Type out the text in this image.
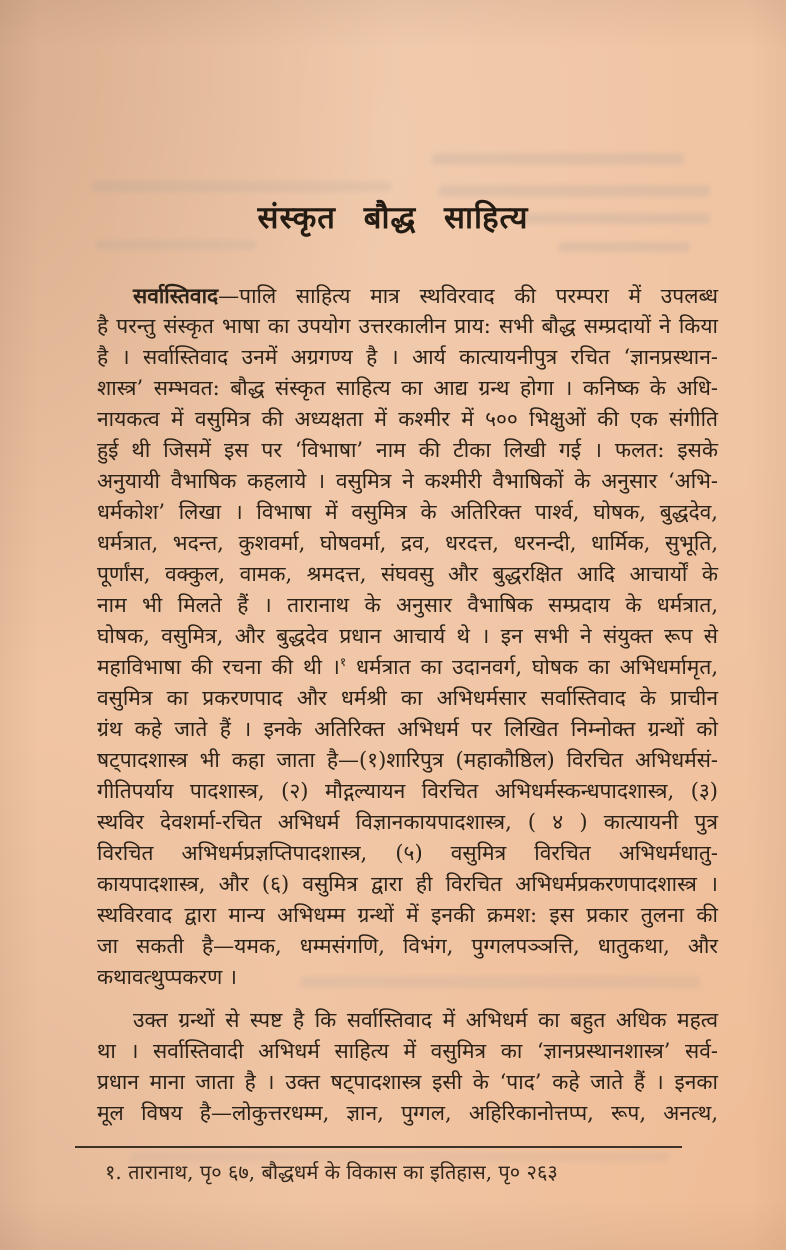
संस्कृत बौद्ध साहित्य
सर्वास्तिवाद—पालि साहित्य मात्र स्थविरवाद की परम्परा में उपलब्ध
है परन्तु संस्कृत भाषा का उपयोग उत्तरकालीन प्राय: सभी बौद्ध सम्प्रदायों ने किया
है । सर्वास्तिवाद उनमें अग्रगण्य है । आर्य कात्यायनीपुत्र रचित ‘ज्ञानप्रस्थान-
शास्त्र’ सम्भवत: बौद्ध संस्कृत साहित्य का आद्य ग्रन्थ होगा । कनिष्क के अधि-
नायकत्व में वसुमित्र की अध्यक्षता में कश्मीर में ५०० भिक्षुओं की एक संगीति
हुई थी जिसमें इस पर ‘विभाषा’ नाम की टीका लिखी गई । फलत: इसके
अनुयायी वैभाषिक कहलाये । वसुमित्र ने कश्मीरी वैभाषिकों के अनुसार ‘अभि-
धर्मकोश’ लिखा । विभाषा में वसुमित्र के अतिरिक्त पार्श्व, घोषक, बुद्धदेव,
धर्मत्रात, भदन्त, कुशवर्मा, घोषवर्मा, द्रव, धरदत्त, धरनन्दी, धार्मिक, सुभूति,
पूर्णांस, वक्कुल, वामक, श्रमदत्त, संघवसु और बुद्धरक्षित आदि आचार्यों के
नाम भी मिलते हैं । तारानाथ के अनुसार वैभाषिक सम्प्रदाय के धर्मत्रात,
घोषक, वसुमित्र, और बुद्धदेव प्रधान आचार्य थे । इन सभी ने संयुक्त रूप से
महाविभाषा की रचना की थी ।$^१$ धर्मत्रात का उदानवर्ग, घोषक का अभिधर्मामृत,
वसुमित्र का प्रकरणपाद और धर्मश्री का अभिधर्मसार सर्वास्तिवाद के प्राचीन
ग्रंथ कहे जाते हैं । इनके अतिरिक्त अभिधर्म पर लिखित निम्नोक्त ग्रन्थों को
षट्पादशास्त्र भी कहा जाता है—(१)शारिपुत्र (महाकौष्ठिल) विरचित अभिधर्मसं-
गीतिपर्याय पादशास्त्र, (२) मौद्गल्यायन विरचित अभिधर्मस्कन्धपादशास्त्र, (३)
स्थविर देवशर्मा-रचित अभिधर्म विज्ञानकायपादशास्त्र, ( ४ ) कात्यायनी पुत्र
विरचित अभिधर्मप्रज्ञप्तिपादशास्त्र, (५) वसुमित्र विरचित अभिधर्मधातु-
कायपादशास्त्र, और (६) वसुमित्र द्वारा ही विरचित अभिधर्मप्रकरणपादशास्त्र ।
स्थविरवाद द्वारा मान्य अभिधम्म ग्रन्थों में इनकी क्रमश: इस प्रकार तुलना की
जा सकती है—यमक, धम्मसंगणि, विभंग, पुग्गलपञ्ञत्ति, धातुकथा, और
कथावत्थुप्पकरण ।
उक्त ग्रन्थों से स्पष्ट है कि सर्वास्तिवाद में अभिधर्म का बहुत अधिक महत्व
था । सर्वास्तिवादी अभिधर्म साहित्य में वसुमित्र का ‘ज्ञानप्रस्थानशास्त्र’ सर्व-
प्रधान माना जाता है । उक्त षट्पादशास्त्र इसी के ‘पाद’ कहे जाते हैं । इनका
मूल विषय है—लोकुत्तरधम्म, ज्ञान, पुग्गल, अहिरिकानोत्तप्प, रूप, अनत्थ,
१. तारानाथ, पृ० ६७, बौद्धधर्म के विकास का इतिहास, पृ० २६३
